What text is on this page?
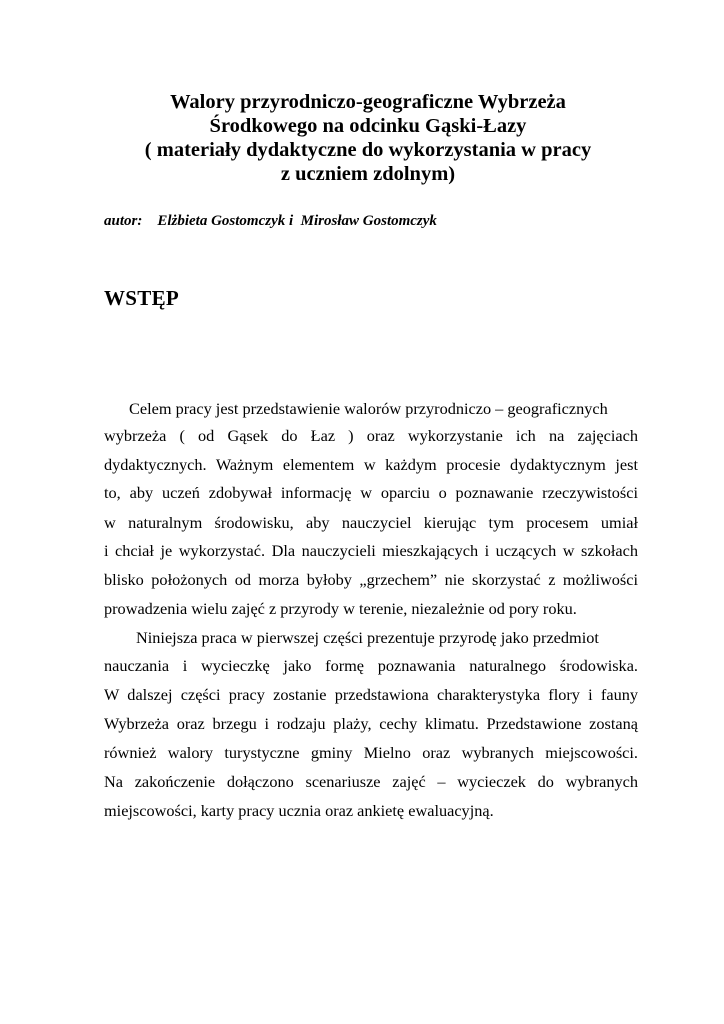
Walory przyrodniczo-geograficzne Wybrzeża
Środkowego na odcinku Gąski-Łazy
( materiały dydaktyczne do wykorzystania w pracy
z uczniem zdolnym)
autor:    Elżbieta Gostomczyk i  Mirosław Gostomczyk
WSTĘP
Celem pracy jest przedstawienie walorów przyrodniczo – geograficznych
wybrzeża ( od Gąsek do Łaz ) oraz wykorzystanie ich na zajęciach
dydaktycznych. Ważnym elementem w każdym procesie dydaktycznym jest
to, aby uczeń zdobywał informację w oparciu o poznawanie rzeczywistości
w naturalnym środowisku, aby nauczyciel kierując tym procesem umiał
i chciał je wykorzystać. Dla nauczycieli mieszkających i uczących w szkołach
blisko położonych od morza byłoby „grzechem” nie skorzystać z możliwości
prowadzenia wielu zajęć z przyrody w terenie, niezależnie od pory roku.
Niniejsza praca w pierwszej części prezentuje przyrodę jako przedmiot
nauczania i wycieczkę jako formę poznawania naturalnego środowiska.
W dalszej części pracy zostanie przedstawiona charakterystyka flory i fauny
Wybrzeża oraz brzegu i rodzaju plaży, cechy klimatu. Przedstawione zostaną
również walory turystyczne gminy Mielno oraz wybranych miejscowości.
Na zakończenie dołączono scenariusze zajęć – wycieczek do wybranych
miejscowości, karty pracy ucznia oraz ankietę ewaluacyjną.
